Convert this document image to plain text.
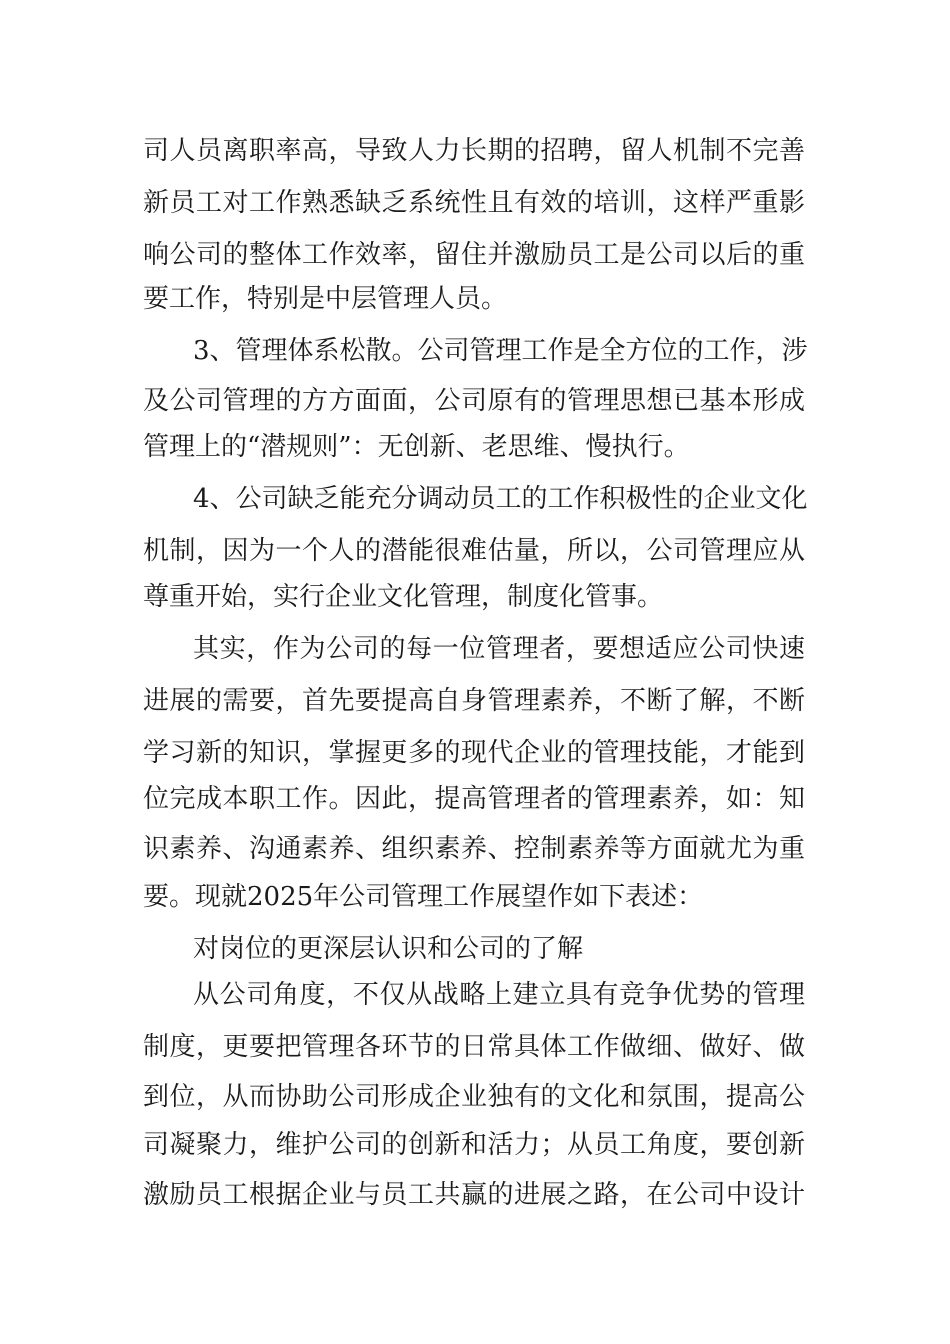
司人员离职率高，导致人力长期的招聘，留人机制不完善
新员工对工作熟悉缺乏系统性且有效的培训，这样严重影
响公司的整体工作效率，留住并激励员工是公司以后的重
要工作，特别是中层管理人员。
3、管理体系松散。公司管理工作是全方位的工作，涉
及公司管理的方方面面，公司原有的管理思想已基本形成
管理上的“潜规则”：无创新、老思维、慢执行。
4、公司缺乏能充分调动员工的工作积极性的企业文化
机制，因为一个人的潜能很难估量，所以，公司管理应从
尊重开始，实行企业文化管理，制度化管事。
其实，作为公司的每一位管理者，要想适应公司快速
进展的需要，首先要提高自身管理素养，不断了解，不断
学习新的知识，掌握更多的现代企业的管理技能，才能到
位完成本职工作。因此，提高管理者的管理素养，如：知
识素养、沟通素养、组织素养、控制素养等方面就尤为重
要。现就2025年公司管理工作展望作如下表述：
对岗位的更深层认识和公司的了解
从公司角度，不仅从战略上建立具有竞争优势的管理
制度，更要把管理各环节的日常具体工作做细、做好、做
到位，从而协助公司形成企业独有的文化和氛围，提高公
司凝聚力，维护公司的创新和活力；从员工角度，要创新
激励员工根据企业与员工共赢的进展之路，在公司中设计
